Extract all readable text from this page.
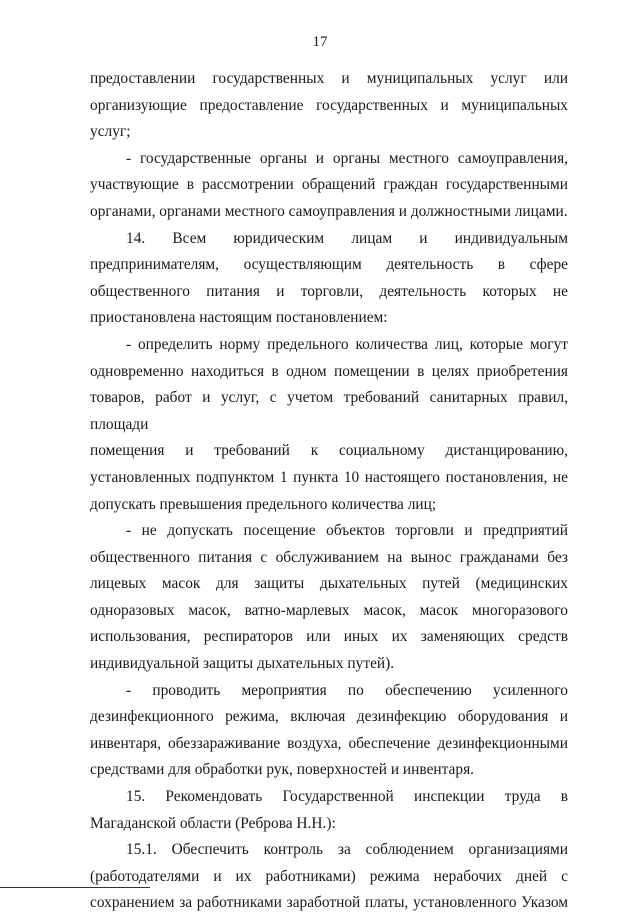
17

предоставлении государственных и муниципальных услуг или

организующие предоставление государственных и муниципальных услуг;

- государственные органы и органы местного самоуправления,

участвующие в рассмотрении обращений граждан государственными

органами, органами местного самоуправления и должностными лицами.

14. Всем юридическим лицам и индивидуальным

предпринимателям, осуществляющим деятельность в сфере

общественного питания и торговли, деятельность которых не

приостановлена настоящим постановлением:

- определить норму предельного количества лиц, которые могут

одновременно находиться в одном помещении в целях приобретения

товаров, работ и услуг, с учетом требований санитарных правил, площади

помещения и требований к социальному дистанцированию,

установленных подпунктом 1 пункта 10 настоящего постановления, не

допускать превышения предельного количества лиц;

- не допускать посещение объектов торговли и предприятий

общественного питания с обслуживанием на вынос гражданами без

лицевых масок для защиты дыхательных путей (медицинских

одноразовых масок, ватно-марлевых масок, масок многоразового

использования, респираторов или иных их заменяющих средств

индивидуальной защиты дыхательных путей).

- проводить мероприятия по обеспечению усиленного

дезинфекционного режима, включая дезинфекцию оборудования и

инвентаря, обеззараживание воздуха, обеспечение дезинфекционными

средствами для обработки рук, поверхностей и инвентаря.

15. Рекомендовать Государственной инспекции труда в

Магаданской области (Реброва Н.Н.):

15.1. Обеспечить контроль за соблюдением организациями

(работодателями и их работниками) режима нерабочих дней с

сохранением за работниками заработной платы, установленного Указом
